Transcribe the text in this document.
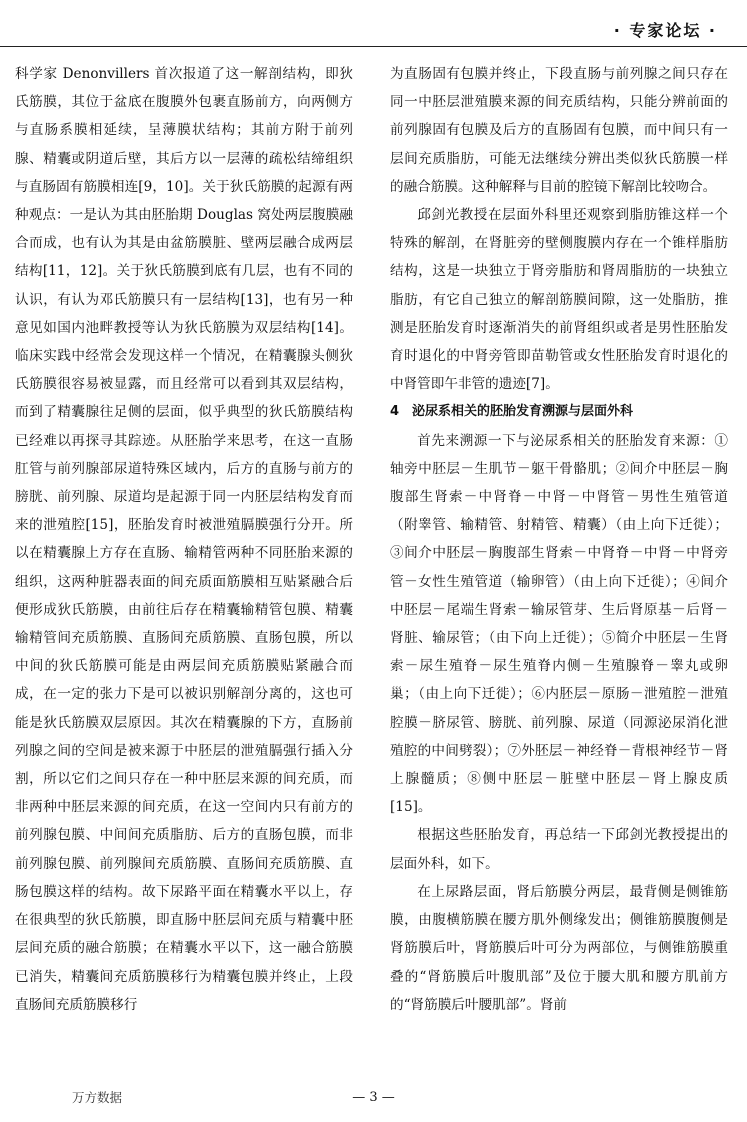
· 专家论坛 ·

科学家 Denonvillers 首次报道了这一解剖结构，即狄氏筋膜，其位于盆底在腹膜外包裹直肠前方，向两侧方与直肠系膜相延续，呈薄膜状结构；其前方附于前列腺、精囊或阴道后壁，其后方以一层薄的疏松结缔组织与直肠固有筋膜相连[9，10]。关于狄氏筋膜的起源有两种观点：一是认为其由胚胎期 Douglas 窝处两层腹膜融合而成，也有认为其是由盆筋膜脏、壁两层融合成两层结构[11，12]。关于狄氏筋膜到底有几层，也有不同的认识，有认为邓氏筋膜只有一层结构[13]，也有另一种意见如国内池畔教授等认为狄氏筋膜为双层结构[14]。临床实践中经常会发现这样一个情况，在精囊腺头侧狄氏筋膜很容易被显露，而且经常可以看到其双层结构，而到了精囊腺往足侧的层面，似乎典型的狄氏筋膜结构已经难以再探寻其踪迹。从胚胎学来思考，在这一直肠肛管与前列腺部尿道特殊区域内，后方的直肠与前方的膀胱、前列腺、尿道均是起源于同一内胚层结构发育而来的泄殖腔[15]，胚胎发育时被泄殖膈膜强行分开。所以在精囊腺上方存在直肠、输精管两种不同胚胎来源的组织，这两种脏器表面的间充质面筋膜相互贴紧融合后便形成狄氏筋膜，由前往后存在精囊输精管包膜、精囊输精管间充质筋膜、直肠间充质筋膜、直肠包膜，所以中间的狄氏筋膜可能是由两层间充质筋膜贴紧融合而成，在一定的张力下是可以被识别解剖分离的，这也可能是狄氏筋膜双层原因。其次在精囊腺的下方，直肠前列腺之间的空间是被来源于中胚层的泄殖膈强行插入分割，所以它们之间只存在一种中胚层来源的间充质，而非两种中胚层来源的间充质，在这一空间内只有前方的前列腺包膜、中间间充质脂肪、后方的直肠包膜，而非前列腺包膜、前列腺间充质筋膜、直肠间充质筋膜、直肠包膜这样的结构。故下尿路平面在精囊水平以上，存在很典型的狄氏筋膜，即直肠中胚层间充质与精囊中胚层间充质的融合筋膜；在精囊水平以下，这一融合筋膜已消失，精囊间充质筋膜移行为精囊包膜并终止，上段直肠间充质筋膜移行

为直肠固有包膜并终止，下段直肠与前列腺之间只存在同一中胚层泄殖膜来源的间充质结构，只能分辨前面的前列腺固有包膜及后方的直肠固有包膜，而中间只有一层间充质脂肪，可能无法继续分辨出类似狄氏筋膜一样的融合筋膜。这种解释与目前的腔镜下解剖比较吻合。

邱剑光教授在层面外科里还观察到脂肪锥这样一个特殊的解剖，在肾脏旁的壁侧腹膜内存在一个锥样脂肪结构，这是一块独立于肾旁脂肪和肾周脂肪的一块独立脂肪，有它自己独立的解剖筋膜间隙，这一处脂肪，推测是胚胎发育时逐渐消失的前肾组织或者是男性胚胎发育时退化的中肾旁管即苗勒管或女性胚胎发育时退化的中肾管即午非管的遗迹[7]。

4　泌尿系相关的胚胎发育溯源与层面外科

首先来溯源一下与泌尿系相关的胚胎发育来源：①轴旁中胚层－生肌节－躯干骨骼肌；②间介中胚层－胸腹部生肾索－中肾脊－中肾－中肾管－男性生殖管道（附睾管、输精管、射精管、精囊）（由上向下迁徙）；③间介中胚层－胸腹部生肾索－中肾脊－中肾－中肾旁管－女性生殖管道（输卵管）（由上向下迁徙）；④间介中胚层－尾端生肾索－输尿管芽、生后肾原基－后肾－肾脏、输尿管；（由下向上迁徙）；⑤简介中胚层－生肾索－尿生殖脊－尿生殖脊内侧－生殖腺脊－睾丸或卵巢；（由上向下迁徙）；⑥内胚层－原肠－泄殖腔－泄殖腔膜－脐尿管、膀胱、前列腺、尿道（同源泌尿消化泄殖腔的中间劈裂）；⑦外胚层－神经脊－背根神经节－肾上腺髓质；⑧侧中胚层－脏壁中胚层－肾上腺皮质[15]。

根据这些胚胎发育，再总结一下邱剑光教授提出的层面外科，如下。

在上尿路层面，肾后筋膜分两层，最背侧是侧锥筋膜，由腹横筋膜在腰方肌外侧缘发出；侧锥筋膜腹侧是肾筋膜后叶，肾筋膜后叶可分为两部位，与侧锥筋膜重叠的“肾筋膜后叶腹肌部”及位于腰大肌和腰方肌前方的“肾筋膜后叶腰肌部”。肾前

万方数据	— 3 —
